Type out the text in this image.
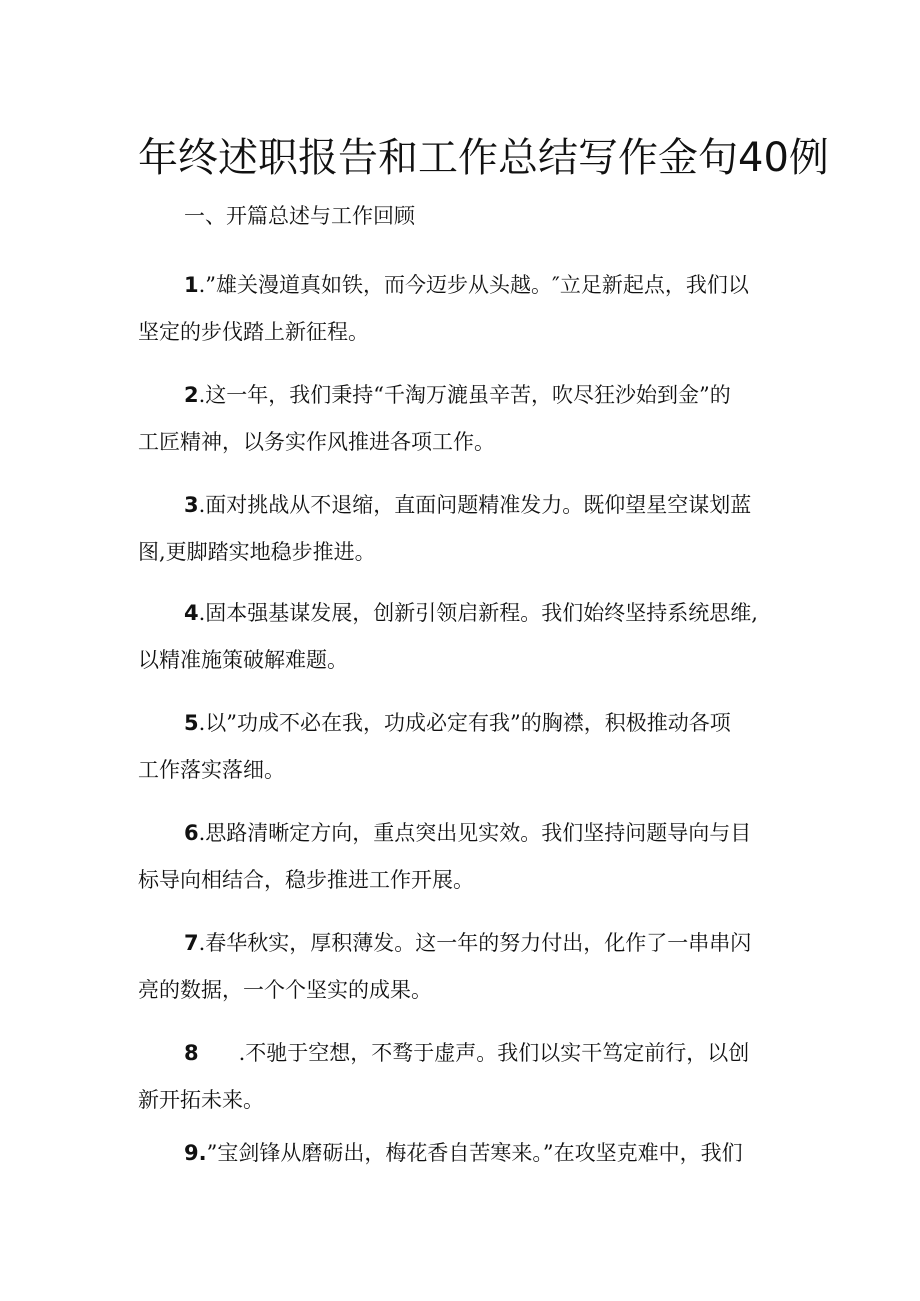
年终述职报告和工作总结写作金句40例

一、开篇总述与工作回顾

1.”雄关漫道真如铁，而今迈步从头越。″立足新起点，我们以
坚定的步伐踏上新征程。

2.这一年，我们秉持“千淘万漉虽辛苦，吹尽狂沙始到金”的
工匠精神，以务实作风推进各项工作。

3.面对挑战从不退缩，直面问题精准发力。既仰望星空谋划蓝
图,更脚踏实地稳步推进。

4.固本强基谋发展，创新引领启新程。我们始终坚持系统思维,
以精准施策破解难题。

5.以”功成不必在我，功成必定有我”的胸襟，积极推动各项
工作落实落细。

6.思路清晰定方向，重点突出见实效。我们坚持问题导向与目
标导向相结合，稳步推进工作开展。

7.春华秋实，厚积薄发。这一年的努力付出，化作了一串串闪
亮的数据，一个个坚实的成果。

8 .不驰于空想，不骛于虚声。我们以实干笃定前行，以创
新开拓未来。

9.”宝剑锋从磨砺出，梅花香自苦寒来。”在攻坚克难中，我们
